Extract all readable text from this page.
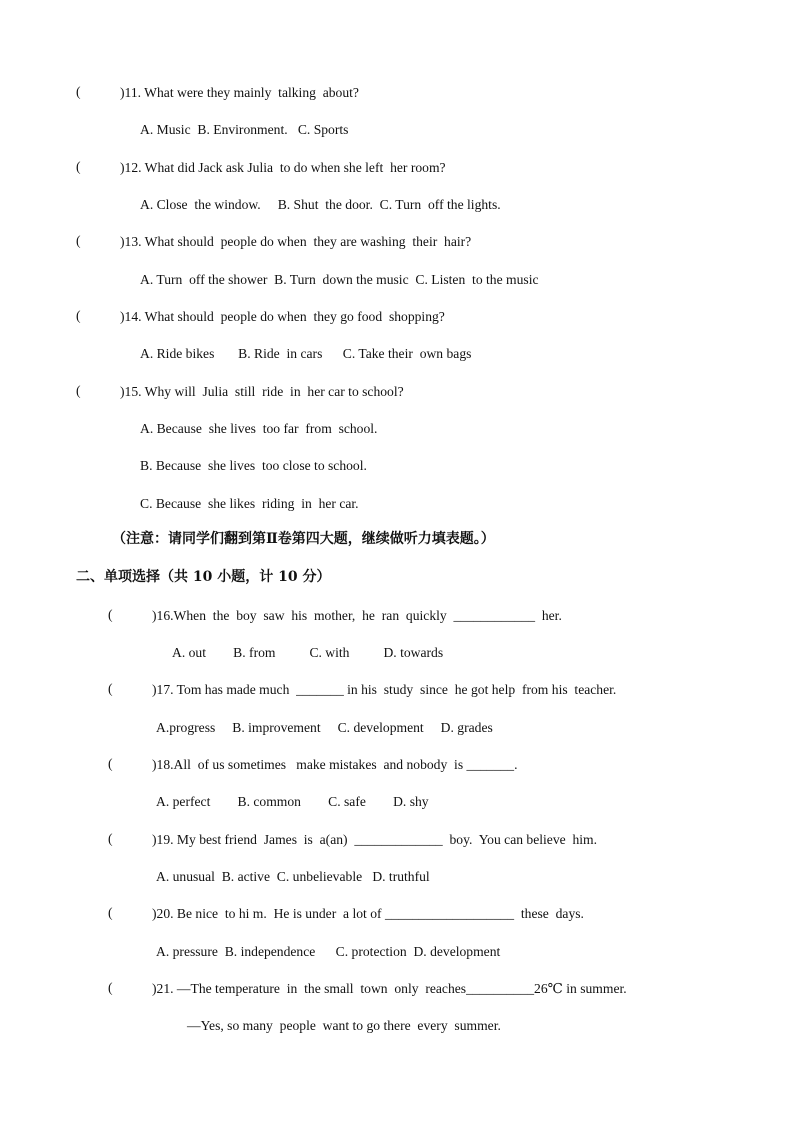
(	)11. What were they mainly  talking  about?
A. Music  B. Environment.   C. Sports
(	)12. What did Jack ask Julia  to do when she left  her room?
A. Close  the window.     B. Shut  the door.  C. Turn  off the lights.
(	)13. What should  people do when  they are washing  their  hair?
A. Turn  off the shower  B. Turn  down the music  C. Listen  to the music
(	)14. What should  people do when  they go food  shopping?
A. Ride bikes       B. Ride  in cars      C. Take their  own bags
(	)15. Why will  Julia  still  ride  in  her car to school?
A. Because  she lives  too far  from  school.
B. Because  she lives  too close to school.
C. Because  she likes  riding  in  her car.
（注意：请同学们翻到第Ⅱ卷第四大题，继续做听力填表题。）
二、单项选择（共 10 小题，计 10 分）
(	)16.When  the  boy  saw  his  mother,  he  ran  quickly  ____________  her.
A. out        B. from          C. with          D. towards
(	)17. Tom has made much  _______ in his  study  since  he got help  from his  teacher.
A.progress     B. improvement     C. development     D. grades
(	)18.All  of us sometimes   make mistakes  and nobody  is _______.
A. perfect        B. common        C. safe        D. shy
(	)19. My best friend  James  is  a(an)  _____________  boy.  You can believe  him.
A. unusual  B. active  C. unbelievable   D. truthful
(	)20. Be nice  to hi m.  He is under  a lot of ___________________  these  days.
A. pressure  B. independence      C. protection  D. development
(	)21. —The temperature  in  the small  town  only  reaches__________26℃ in summer.
—Yes, so many  people  want to go there  every  summer.
